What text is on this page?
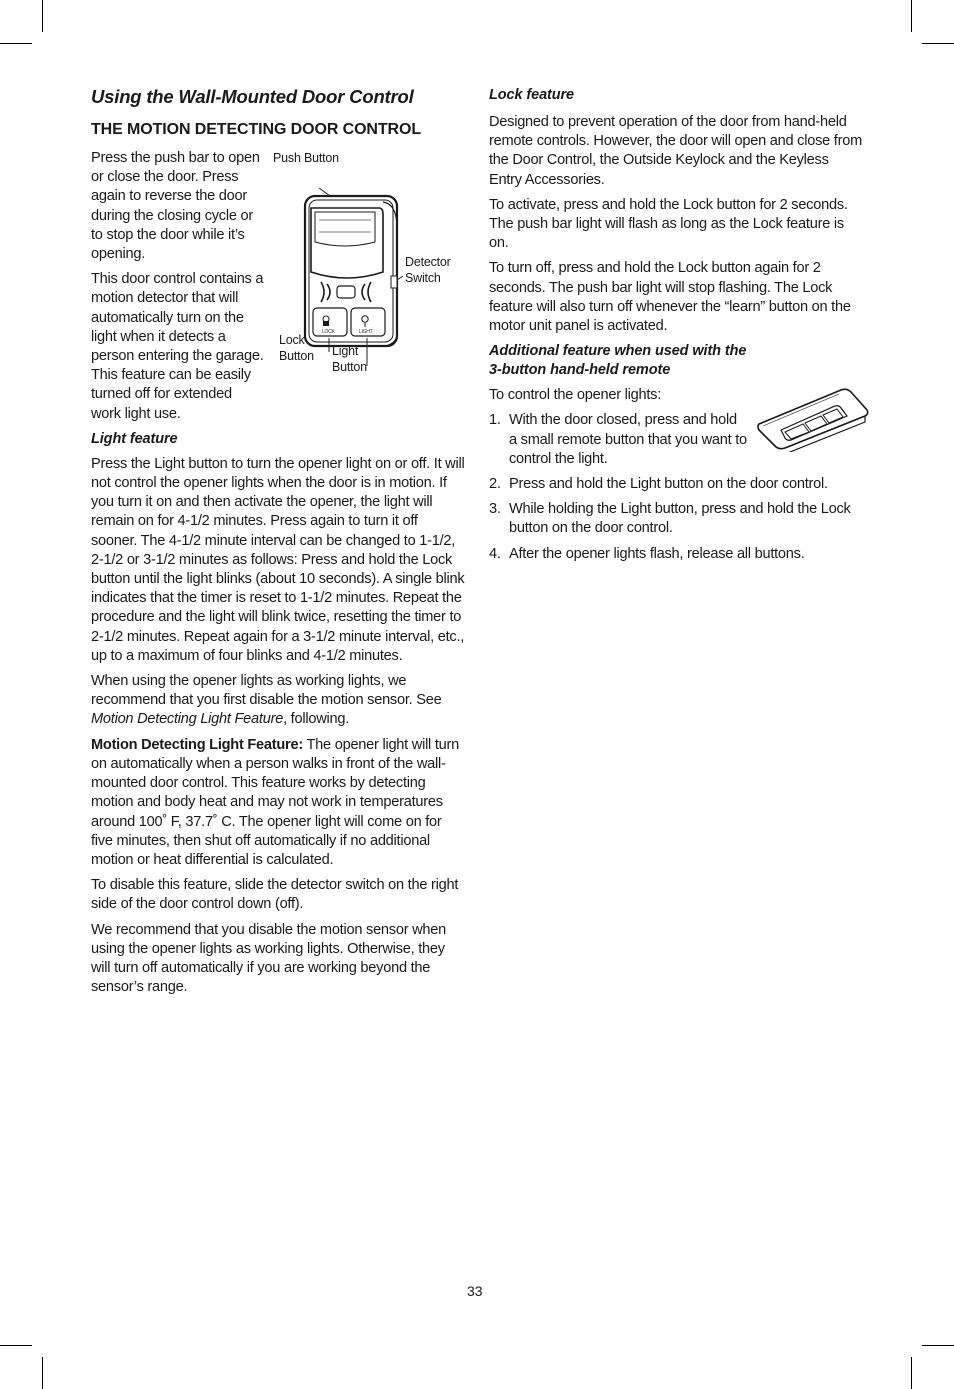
Using the Wall-Mounted Door Control
THE MOTION DETECTING DOOR CONTROL

LOCK	LIGHT
Push Button
Detector Switch
Lock Button	Light Button
Press the push bar to open or close the door. Press again to reverse the door during the closing cycle or to stop the door while it’s opening.

This door control contains a motion detector that will automatically turn on the light when it detects a person entering the garage. This feature can be easily turned off for extended work light use.

Light feature

Press the Light button to turn the opener light on or off. It will not control the opener lights when the door is in motion. If you turn it on and then activate the opener, the light will remain on for 4-1/2 minutes. Press again to turn it off sooner. The 4-1/2 minute interval can be changed to 1-1/2, 2-1/2 or 3-1/2 minutes as follows: Press and hold the Lock button until the light blinks (about 10 seconds). A single blink indicates that the timer is reset to 1-1/2 minutes. Repeat the procedure and the light will blink twice, resetting the timer to 2-1/2 minutes. Repeat again for a 3-1/2 minute interval, etc., up to a maximum of four blinks and 4-1/2 minutes.

When using the opener lights as working lights, we recommend that you first disable the motion sensor. See Motion Detecting Light Feature, following.

Motion Detecting Light Feature: The opener light will turn on automatically when a person walks in front of the wall-mounted door control. This feature works by detecting motion and body heat and may not work in temperatures around 100˚ F, 37.7˚ C. The opener light will come on for five minutes, then shut off automatically if no additional motion or heat differential is calculated.

To disable this feature, slide the detector switch on the right side of the door control down (off).

We recommend that you disable the motion sensor when using the opener lights as working lights. Otherwise, they will turn off automatically if you are working beyond the sensor’s range.

Lock feature

Designed to prevent operation of the door from hand-held remote controls. However, the door will open and close from the Door Control, the Outside Keylock and the Keyless Entry Accessories.

To activate, press and hold the Lock button for 2 seconds. The push bar light will flash as long as the Lock feature is on.

To turn off, press and hold the Lock button again for 2 seconds. The push bar light will stop flashing. The Lock feature will also turn off whenever the “learn” button on the motor unit panel is activated.

Additional feature when used with the 3-button hand-held remote

To control the opener lights:

1. With the door closed, press and hold a small remote button that you want to control the light.
2. Press and hold the Light button on the door control.
3. While holding the Light button, press and hold the Lock button on the door control.
4. After the opener lights flash, release all buttons.
33
